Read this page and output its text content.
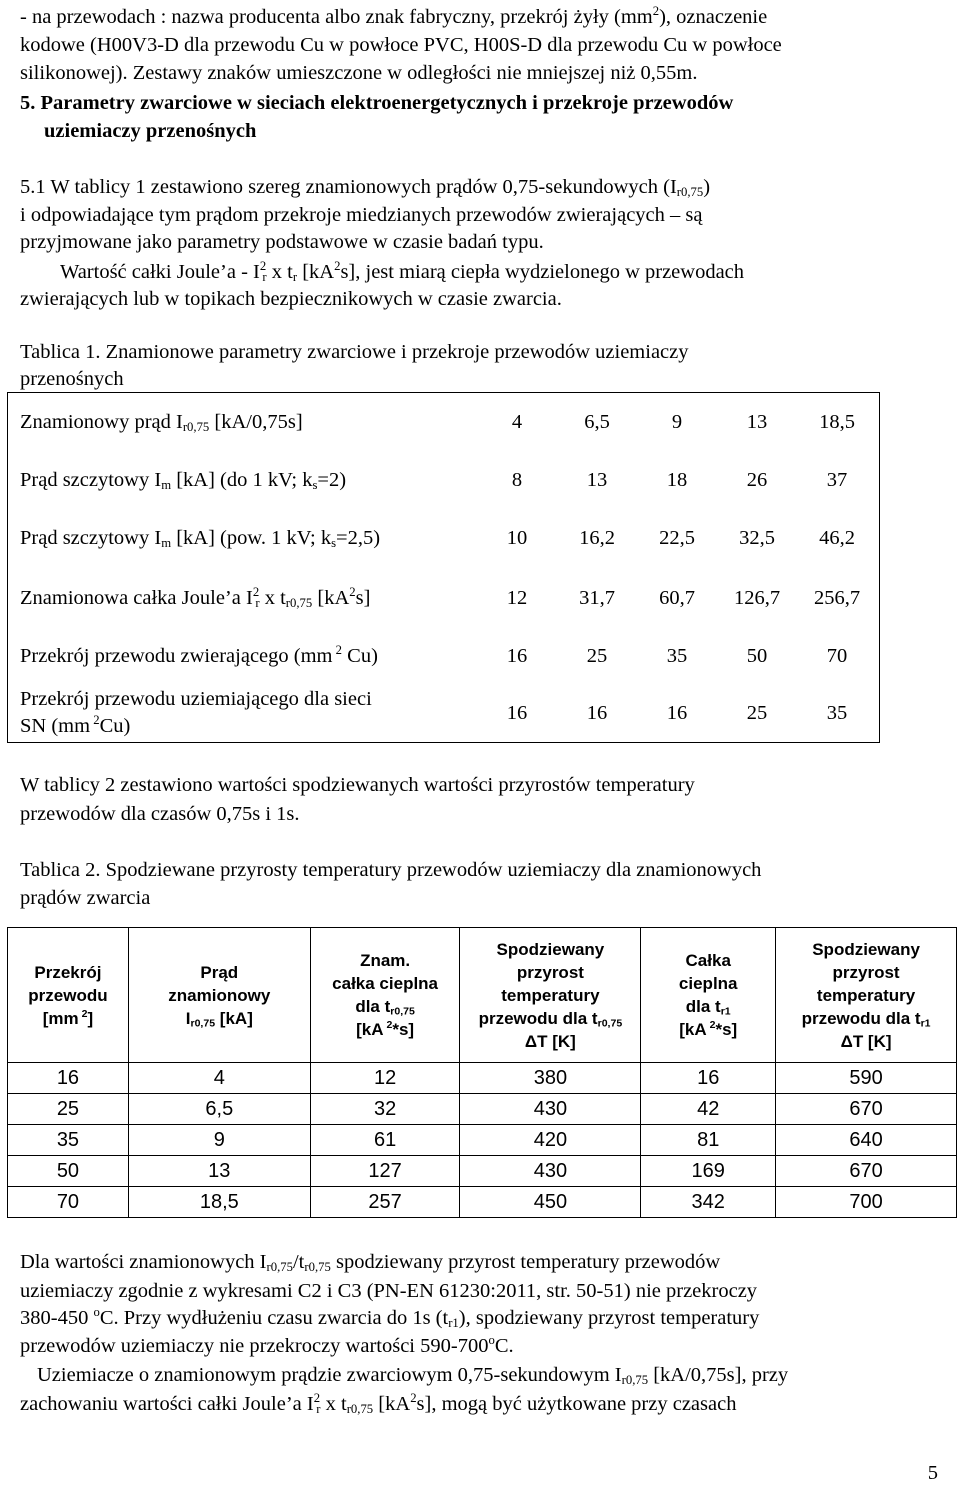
- na przewodach : nazwa producenta albo znak fabryczny, przekrój żyły $(mm^2)$, oznaczenie
kodowe (H00V3-D dla przewodu Cu w powłoce PVC, H00S-D dla przewodu Cu w powłoce
silikonowej). Zestawy znaków umieszczone w odległości nie mniejszej niż 0,55m.
5. Parametry zwarciowe w sieciach elektroenergetycznych i przekroje przewodów
uziemiaczy przenośnych
5.1 W tablicy 1 zestawiono szereg znamionowych prądów 0,75-sekundowych $(I_{r0,75})$
i odpowiadające tym prądom przekroje miedzianych przewodów zwierających – są
przyjmowane jako parametry podstawowe w czasie badań typu.
Wartość całki Joule’a - $I^2_r$ x $t_r$ $[kA^2s]$, jest miarą ciepła wydzielonego w przewodach
zwierających lub w topikach bezpiecznikowych w czasie zwarcia.
Tablica 1. Znamionowe parametry zwarciowe i przekroje przewodów uziemiaczy
przenośnych
Znamionowy prąd $I_{r0,75}$ [kA/0,75s]	4	6,5	9	13	18,5
Prąd szczytowy $I_m$ [kA] (do 1 kV; $k_s=2$)	8	13	18	26	37
Prąd szczytowy $I_m$ [kA] (pow. 1 kV; $k_s=2,5$)	10	16,2	22,5	32,5	46,2
Znamionowa całka Joule’a $I^2_r$ x $t_{r0,75}$ $[kA^2s]$	12	31,7	60,7	126,7	256,7
Przekrój przewodu zwierającego (mm $^2$ Cu)	16	25	35	50	70
Przekrój przewodu uziemiającego dla sieci
SN (mm $^2$Cu)
16	16	16	25	35
W tablicy 2 zestawiono wartości spodziewanych wartości przyrostów temperatury
przewodów dla czasów 0,75s i 1s.
Tablica 2. Spodziewane przyrosty temperatury przewodów uziemiaczy dla znamionowych
prądów zwarcia
Przekrój
przewodu
[mm $^2$]	Prąd
znamionowy
$I_{r0,75}$ [kA]	Znam.
całka cieplna
dla $t_{r0,75}$
[kA $^2$*s]	Spodziewany
przyrost
temperatury
przewodu dla $t_{r0,75}$
ΔT [K]	Całka
cieplna
dla $t_{r1}$
[kA $^2$*s]	Spodziewany
przyrost
temperatury
przewodu dla $t_{r1}$
ΔT [K]
16	4	12	380	16	590
25	6,5	32	430	42	670
35	9	61	420	81	640
50	13	127	430	169	670
70	18,5	257	450	342	700
Dla wartości znamionowych $I_{r0,75}/t_{r0,75}$ spodziewany przyrost temperatury przewodów
uziemiaczy zgodnie z wykresami C2 i C3 (PN-EN 61230:2011, str. 50-51) nie przekroczy
380-450 $^o$C. Przy wydłużeniu czasu zwarcia do 1s $(t_{r1})$, spodziewany przyrost temperatury
przewodów uziemiaczy nie przekroczy wartości 590-700$^o$C.
Uziemiacze o znamionowym prądzie zwarciowym 0,75-sekundowym $I_{r0,75}$ [kA/0,75s], przy
zachowaniu wartości całki Joule’a $I^2_r$ x $t_{r0,75}$ $[kA^2s]$, mogą być użytkowane przy czasach
5
